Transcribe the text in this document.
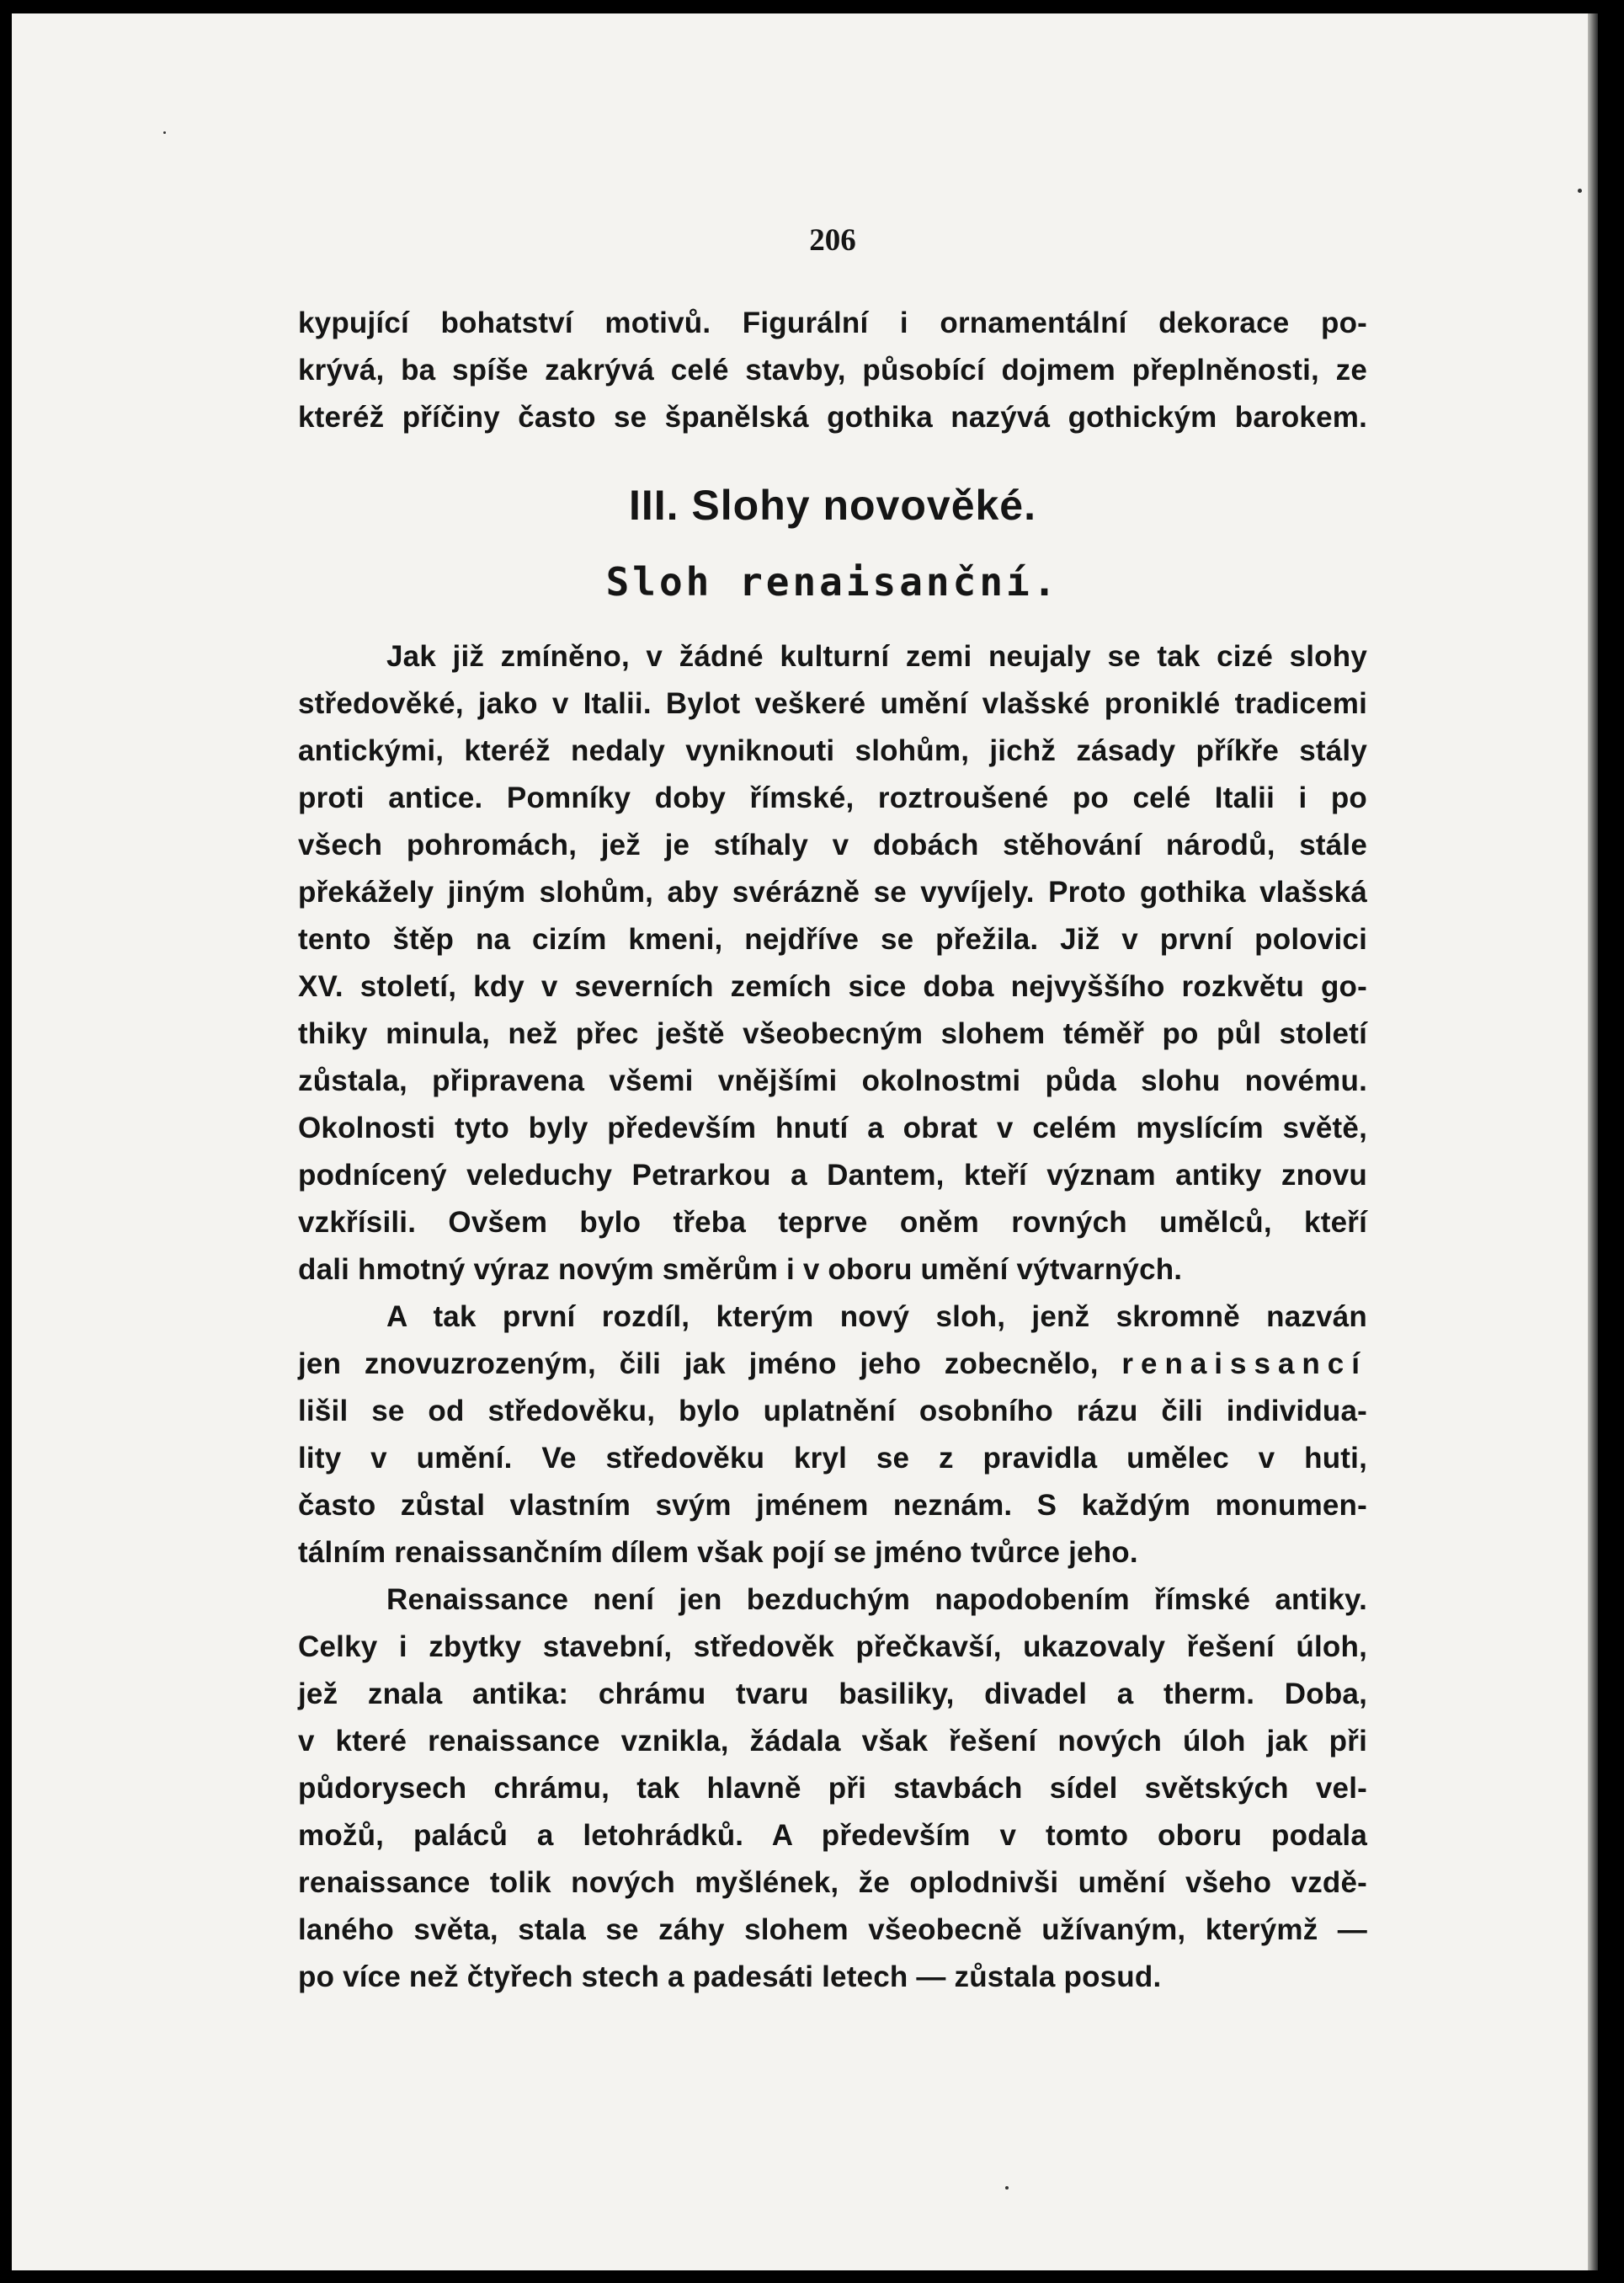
206
kypující bohatství motivů. Figurální i ornamentální dekorace po-
krývá, ba spíše zakrývá celé stavby, působící dojmem přeplněnosti, ze
kteréž příčiny často se španělská gothika nazývá gothickým barokem.
III. Slohy novověké.
Sloh renaisanční.
Jak již zmíněno, v žádné kulturní zemi neujaly se tak cizé slohy
středověké, jako v Italii. Bylot veškeré umění vlašské proniklé tradicemi
antickými, kteréž nedaly vyniknouti slohům, jichž zásady příkře stály
proti antice. Pomníky doby římské, roztroušené po celé Italii i po
všech pohromách, jež je stíhaly v dobách stěhování národů, stále
překážely jiným slohům, aby svérázně se vyvíjely. Proto gothika vlašská
tento štěp na cizím kmeni, nejdříve se přežila. Již v první polovici
XV. století, kdy v severních zemích sice doba nejvyššího rozkvětu go-
thiky minula, než přec ještě všeobecným slohem téměř po půl století
zůstala, připravena všemi vnějšími okolnostmi půda slohu novému.
Okolnosti tyto byly především hnutí a obrat v celém myslícím světě,
podnícený veleduchy Petrarkou a Dantem, kteří význam antiky znovu
vzkřísili. Ovšem bylo třeba teprve oněm rovných umělců, kteří
dali hmotný výraz novým směrům i v oboru umění výtvarných.
A tak první rozdíl, kterým nový sloh, jenž skromně nazván
jen znovuzrozeným, čili jak jméno jeho zobecnělo, renaissancí
lišil se od středověku, bylo uplatnění osobního rázu čili individua-
lity v umění. Ve středověku kryl se z pravidla umělec v huti,
často zůstal vlastním svým jménem neznám. S každým monumen-
tálním renaissančním dílem však pojí se jméno tvůrce jeho.
Renaissance není jen bezduchým napodobením římské antiky.
Celky i zbytky stavební, středověk přečkavší, ukazovaly řešení úloh,
jež znala antika: chrámu tvaru basiliky, divadel a therm. Doba,
v které renaissance vznikla, žádala však řešení nových úloh jak při
půdorysech chrámu, tak hlavně při stavbách sídel světských vel-
možů, paláců a letohrádků. A především v tomto oboru podala
renaissance tolik nových myšlének, že oplodnivši umění všeho vzdě-
laného světa, stala se záhy slohem všeobecně užívaným, kterýmž —
po více než čtyřech stech a padesáti letech — zůstala posud.
